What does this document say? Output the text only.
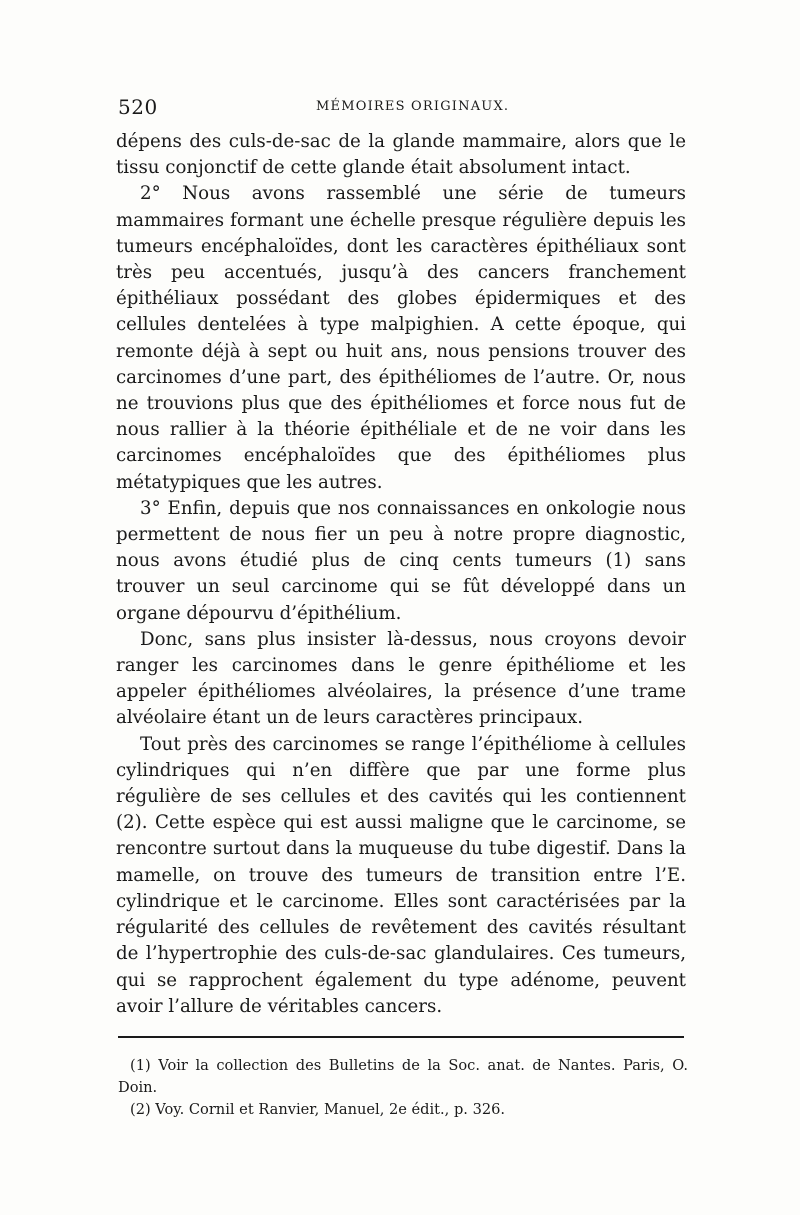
520	MÉMOIRES ORIGINAUX.

dépens des culs-de-sac de la glande mammaire, alors que le tissu conjonctif de cette glande était absolument intact.

2° Nous avons rassemblé une série de tumeurs mammaires formant une échelle presque régulière depuis les tumeurs encéphaloïdes, dont les caractères épithéliaux sont très peu accentués, jusqu’à des cancers franchement épithéliaux possédant des globes épidermiques et des cellules dentelées à type malpighien. A cette époque, qui remonte déjà à sept ou huit ans, nous pensions trouver des carcinomes d’une part, des épithéliomes de l’autre. Or, nous ne trouvions plus que des épithéliomes et force nous fut de nous rallier à la théorie épithéliale et de ne voir dans les carcinomes encéphaloïdes que des épithéliomes plus métatypiques que les autres.

3° Enfin, depuis que nos connaissances en onkologie nous permettent de nous fier un peu à notre propre diagnostic, nous avons étudié plus de cinq cents tumeurs (1) sans trouver un seul carcinome qui se fût développé dans un organe dépourvu d’épithélium.

Donc, sans plus insister là-dessus, nous croyons devoir ranger les carcinomes dans le genre épithéliome et les appeler épithéliomes alvéolaires, la présence d’une trame alvéolaire étant un de leurs caractères principaux.

Tout près des carcinomes se range l’épithéliome à cellules cylindriques qui n’en diffère que par une forme plus régulière de ses cellules et des cavités qui les contiennent (2). Cette espèce qui est aussi maligne que le carcinome, se rencontre surtout dans la muqueuse du tube digestif. Dans la mamelle, on trouve des tumeurs de transition entre l’E. cylindrique et le carcinome. Elles sont caractérisées par la régularité des cellules de revêtement des cavités résultant de l’hypertrophie des culs-de-sac glandulaires. Ces tumeurs, qui se rapprochent également du type adénome, peuvent avoir l’allure de véritables cancers.

(1) Voir la collection des Bulletins de la Soc. anat. de Nantes. Paris, O. Doin.

(2) Voy. Cornil et Ranvier, Manuel, 2e édit., p. 326.
